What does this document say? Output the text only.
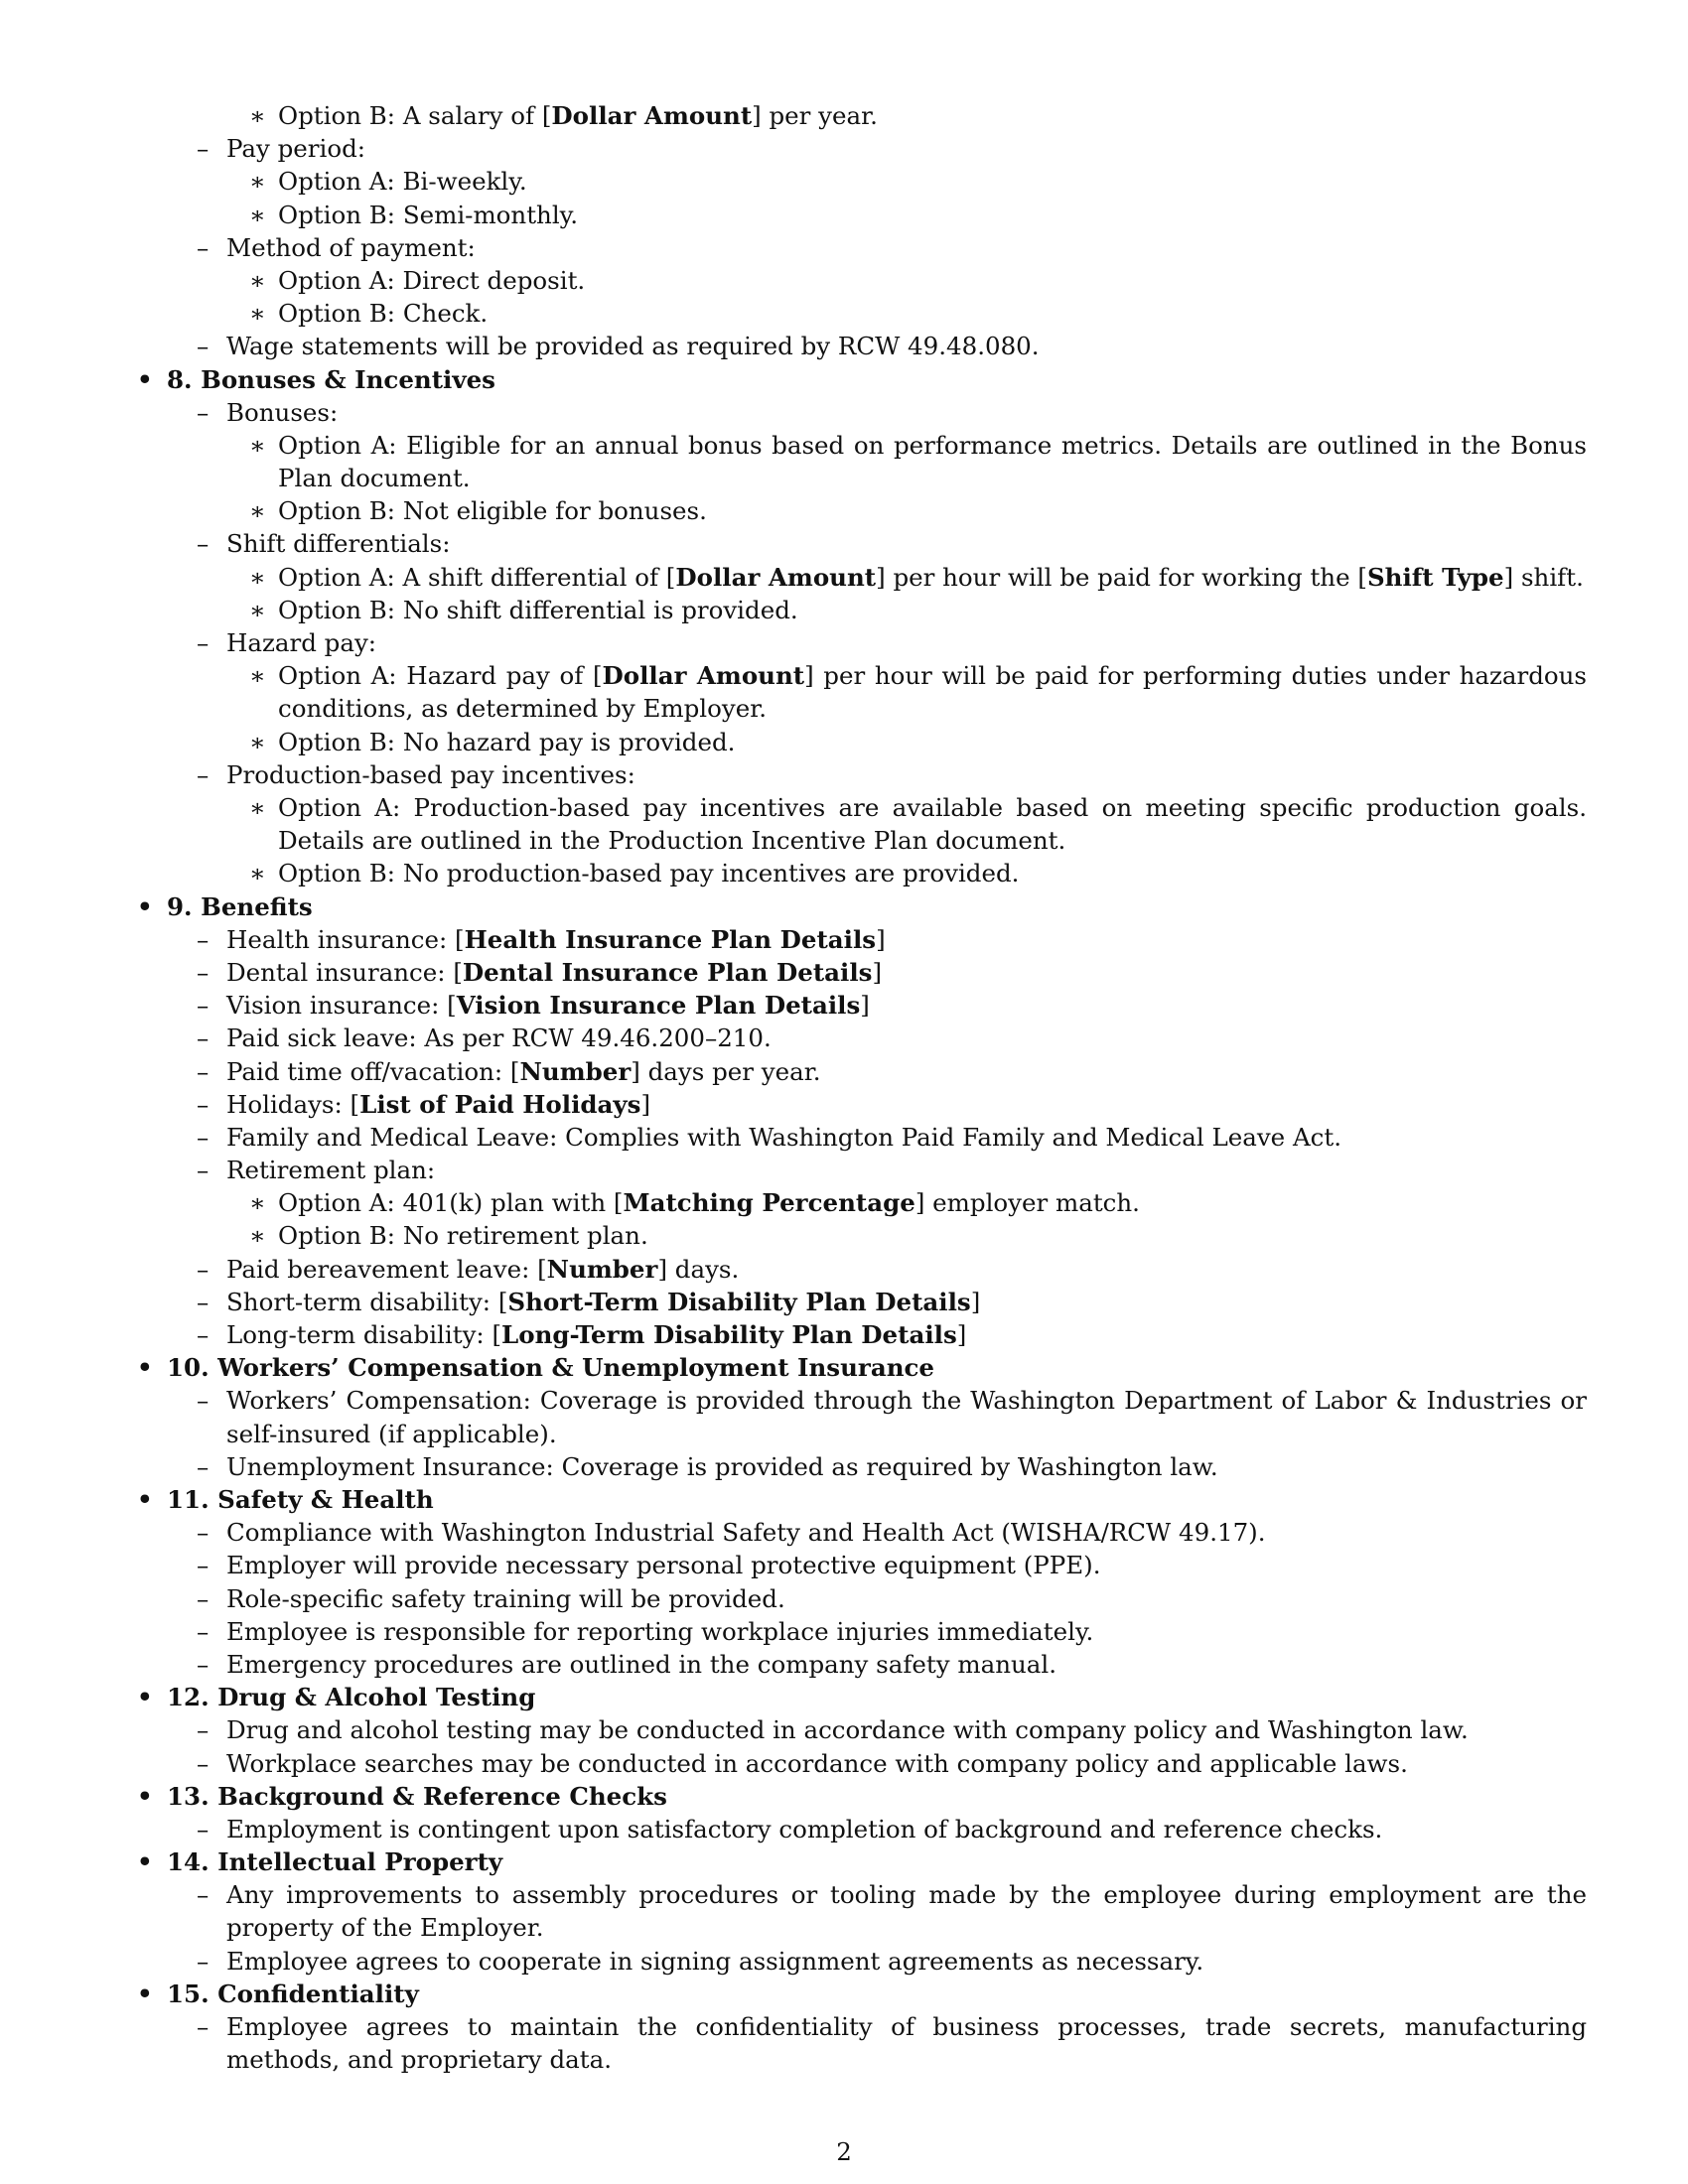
∗ Option B: A salary of [Dollar Amount] per year.
– Pay period:
∗ Option A: Bi-weekly.
∗ Option B: Semi-monthly.
– Method of payment:
∗ Option A: Direct deposit.
∗ Option B: Check.
– Wage statements will be provided as required by RCW 49.48.080.
• 8. Bonuses & Incentives
– Bonuses:
∗ Option A: Eligible for an annual bonus based on performance metrics. Details are outlined in the Bonus Plan document.
∗ Option B: Not eligible for bonuses.
– Shift differentials:
∗ Option A: A shift differential of [Dollar Amount] per hour will be paid for working the [Shift Type] shift.
∗ Option B: No shift differential is provided.
– Hazard pay:
∗ Option A: Hazard pay of [Dollar Amount] per hour will be paid for performing duties under hazardous conditions, as determined by Employer.
∗ Option B: No hazard pay is provided.
– Production-based pay incentives:
∗ Option A: Production-based pay incentives are available based on meeting specific production goals. Details are outlined in the Production Incentive Plan document.
∗ Option B: No production-based pay incentives are provided.
• 9. Benefits
– Health insurance: [Health Insurance Plan Details]
– Dental insurance: [Dental Insurance Plan Details]
– Vision insurance: [Vision Insurance Plan Details]
– Paid sick leave: As per RCW 49.46.200–210.
– Paid time off/vacation: [Number] days per year.
– Holidays: [List of Paid Holidays]
– Family and Medical Leave: Complies with Washington Paid Family and Medical Leave Act.
– Retirement plan:
∗ Option A: 401(k) plan with [Matching Percentage] employer match.
∗ Option B: No retirement plan.
– Paid bereavement leave: [Number] days.
– Short-term disability: [Short-Term Disability Plan Details]
– Long-term disability: [Long-Term Disability Plan Details]
• 10. Workers’ Compensation & Unemployment Insurance
– Workers’ Compensation: Coverage is provided through the Washington Department of Labor & Industries or self-insured (if applicable).
– Unemployment Insurance: Coverage is provided as required by Washington law.
• 11. Safety & Health
– Compliance with Washington Industrial Safety and Health Act (WISHA/RCW 49.17).
– Employer will provide necessary personal protective equipment (PPE).
– Role-specific safety training will be provided.
– Employee is responsible for reporting workplace injuries immediately.
– Emergency procedures are outlined in the company safety manual.
• 12. Drug & Alcohol Testing
– Drug and alcohol testing may be conducted in accordance with company policy and Washington law.
– Workplace searches may be conducted in accordance with company policy and applicable laws.
• 13. Background & Reference Checks
– Employment is contingent upon satisfactory completion of background and reference checks.
• 14. Intellectual Property
– Any improvements to assembly procedures or tooling made by the employee during employment are the property of the Employer.
– Employee agrees to cooperate in signing assignment agreements as necessary.
• 15. Confidentiality
– Employee agrees to maintain the confidentiality of business processes, trade secrets, manufacturing methods, and proprietary data.
2
